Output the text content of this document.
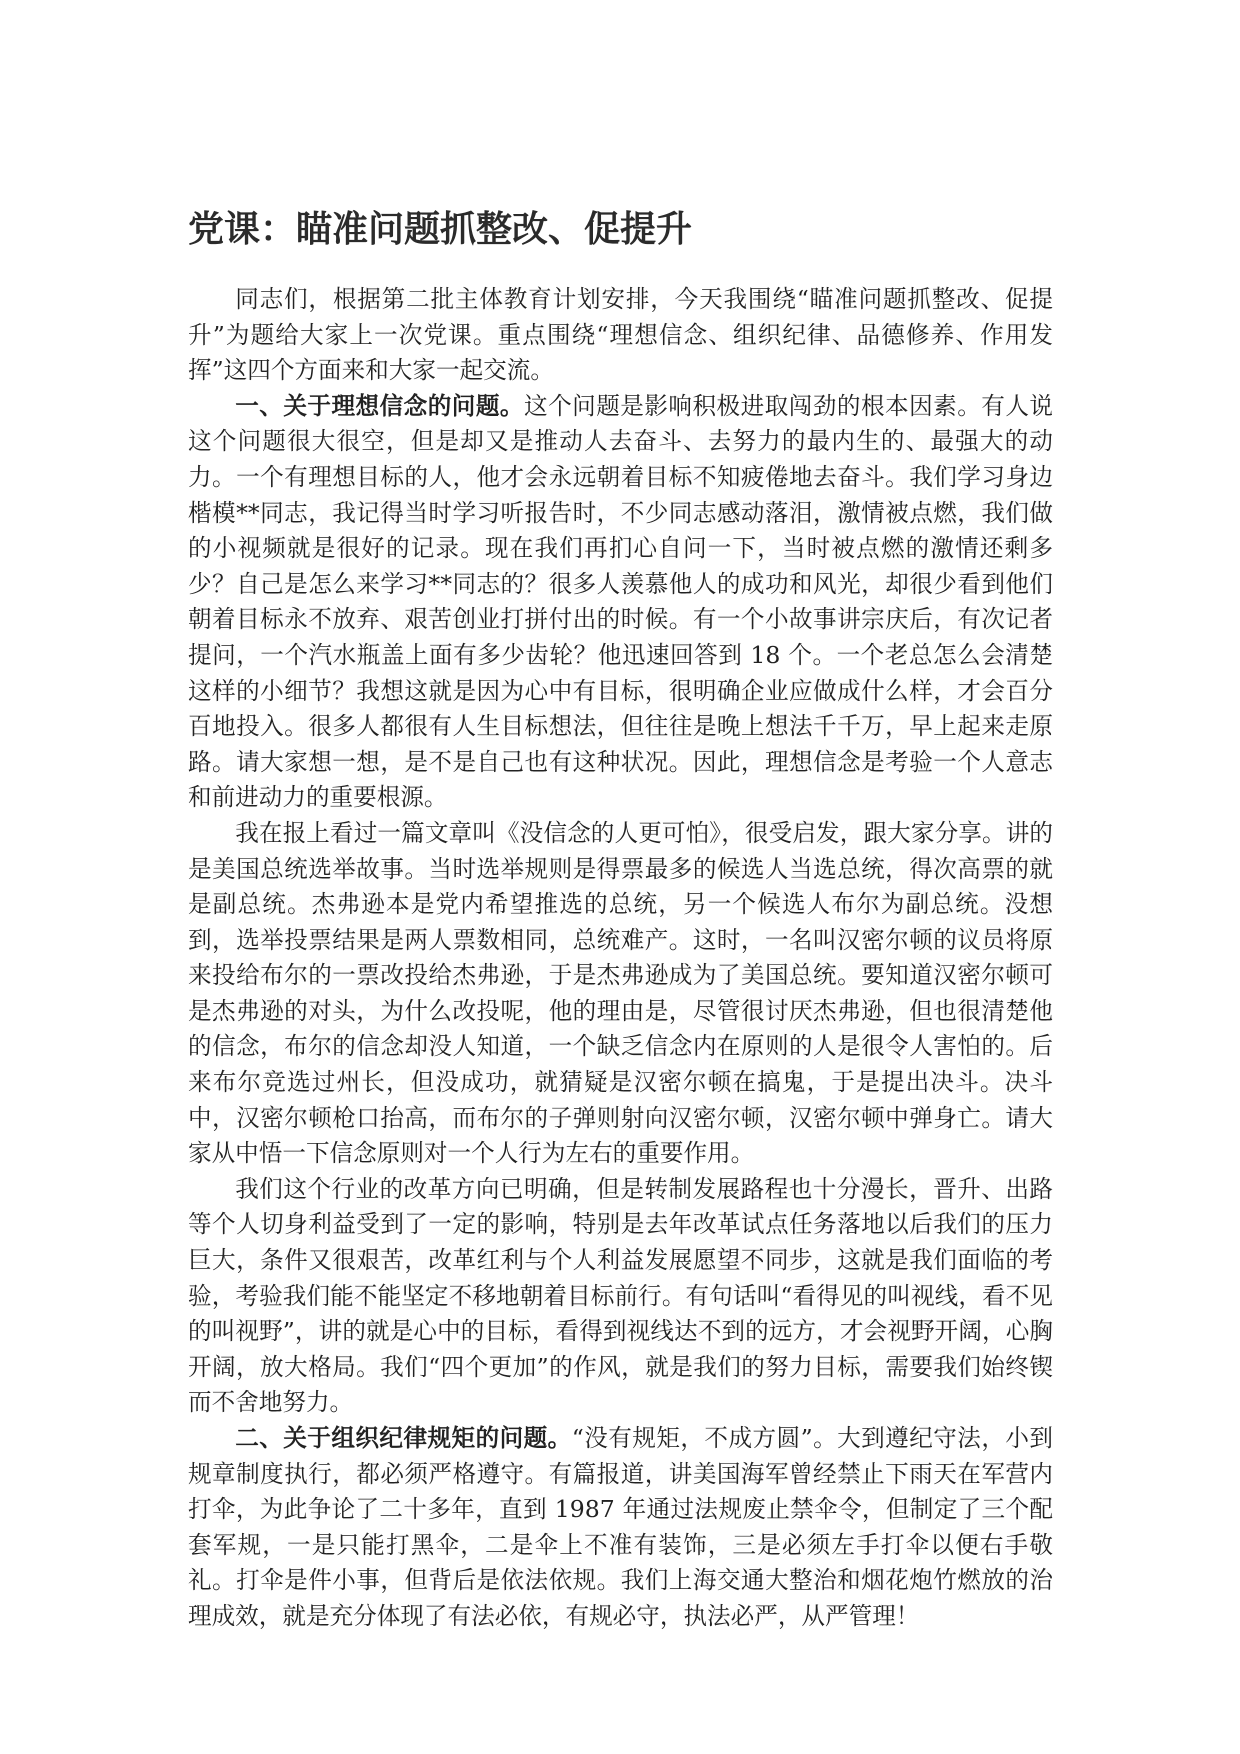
党课：瞄准问题抓整改、促提升

同志们，根据第二批主体教育计划安排，今天我围绕“瞄准问题抓整改、促提升”为题给大家上一次党课。重点围绕“理想信念、组织纪律、品德修养、作用发挥”这四个方面来和大家一起交流。

一、关于理想信念的问题。这个问题是影响积极进取闯劲的根本因素。有人说这个问题很大很空，但是却又是推动人去奋斗、去努力的最内生的、最强大的动力。一个有理想目标的人，他才会永远朝着目标不知疲倦地去奋斗。我们学习身边楷模**同志，我记得当时学习听报告时，不少同志感动落泪，激情被点燃，我们做的小视频就是很好的记录。现在我们再扪心自问一下，当时被点燃的激情还剩多少？自己是怎么来学习**同志的？很多人羡慕他人的成功和风光，却很少看到他们朝着目标永不放弃、艰苦创业打拼付出的时候。有一个小故事讲宗庆后，有次记者提问，一个汽水瓶盖上面有多少齿轮？他迅速回答到 18 个。一个老总怎么会清楚这样的小细节？我想这就是因为心中有目标，很明确企业应做成什么样，才会百分百地投入。很多人都很有人生目标想法，但往往是晚上想法千千万，早上起来走原路。请大家想一想，是不是自己也有这种状况。因此，理想信念是考验一个人意志和前进动力的重要根源。

我在报上看过一篇文章叫《没信念的人更可怕》，很受启发，跟大家分享。讲的是美国总统选举故事。当时选举规则是得票最多的候选人当选总统，得次高票的就是副总统。杰弗逊本是党内希望推选的总统，另一个候选人布尔为副总统。没想到，选举投票结果是两人票数相同，总统难产。这时，一名叫汉密尔顿的议员将原来投给布尔的一票改投给杰弗逊，于是杰弗逊成为了美国总统。要知道汉密尔顿可是杰弗逊的对头，为什么改投呢，他的理由是，尽管很讨厌杰弗逊，但也很清楚他的信念，布尔的信念却没人知道，一个缺乏信念内在原则的人是很令人害怕的。后来布尔竞选过州长，但没成功，就猜疑是汉密尔顿在搞鬼，于是提出决斗。决斗中，汉密尔顿枪口抬高，而布尔的子弹则射向汉密尔顿，汉密尔顿中弹身亡。请大家从中悟一下信念原则对一个人行为左右的重要作用。

我们这个行业的改革方向已明确，但是转制发展路程也十分漫长，晋升、出路等个人切身利益受到了一定的影响，特别是去年改革试点任务落地以后我们的压力巨大，条件又很艰苦，改革红利与个人利益发展愿望不同步，这就是我们面临的考验，考验我们能不能坚定不移地朝着目标前行。有句话叫“看得见的叫视线，看不见的叫视野”，讲的就是心中的目标，看得到视线达不到的远方，才会视野开阔，心胸开阔，放大格局。我们“四个更加”的作风，就是我们的努力目标，需要我们始终锲而不舍地努力。

二、关于组织纪律规矩的问题。“没有规矩，不成方圆”。大到遵纪守法，小到规章制度执行，都必须严格遵守。有篇报道，讲美国海军曾经禁止下雨天在军营内打伞，为此争论了二十多年，直到 1987 年通过法规废止禁伞令，但制定了三个配套军规，一是只能打黑伞，二是伞上不准有装饰，三是必须左手打伞以便右手敬礼。打伞是件小事，但背后是依法依规。我们上海交通大整治和烟花炮竹燃放的治理成效，就是充分体现了有法必依，有规必守，执法必严，从严管理！
